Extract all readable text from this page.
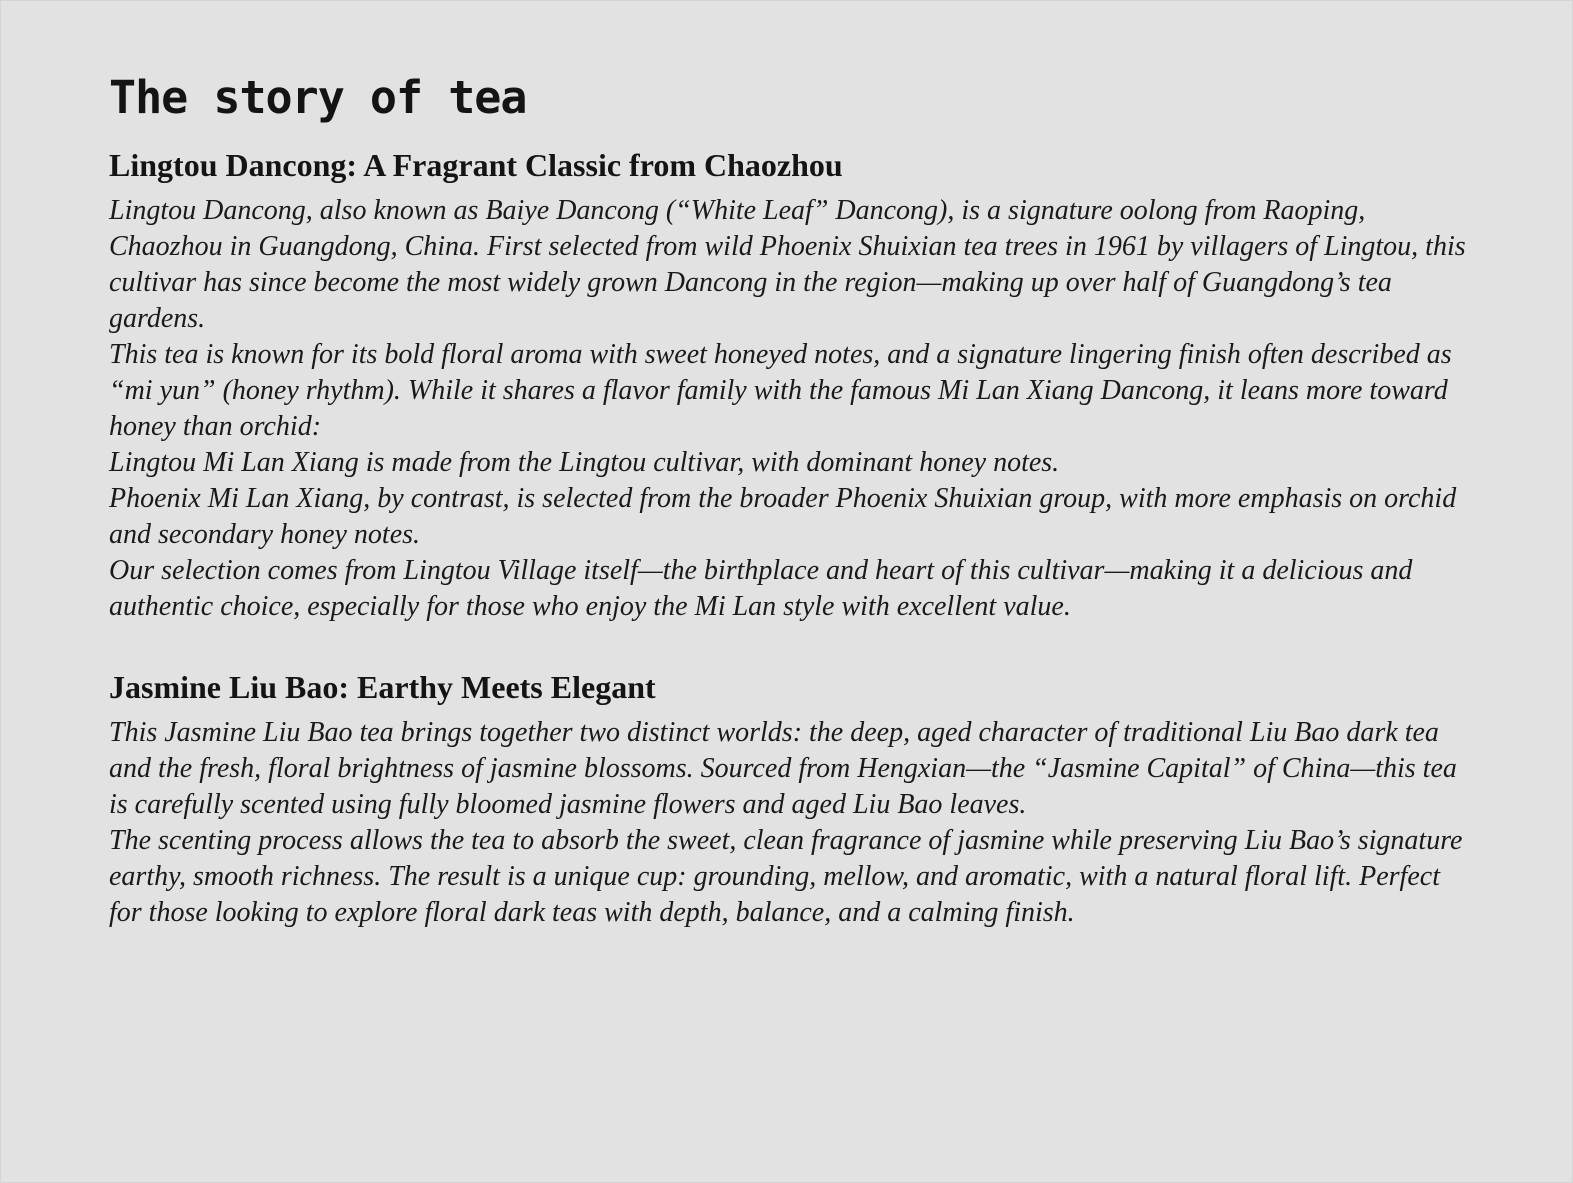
The story of tea
Lingtou Dancong: A Fragrant Classic from Chaozhou

Lingtou Dancong, also known as Baiye Dancong (“White Leaf” Dancong), is a signature oolong from Raoping, Chaozhou in Guangdong, China. First selected from wild Phoenix Shuixian tea trees in 1961 by villagers of Lingtou, this cultivar has since become the most widely grown Dancong in the region—making up over half of Guangdong’s tea gardens.

This tea is known for its bold floral aroma with sweet honeyed notes, and a signature lingering finish often described as “mi yun” (honey rhythm). While it shares a flavor family with the famous Mi Lan Xiang Dancong, it leans more toward honey than orchid:

Lingtou Mi Lan Xiang is made from the Lingtou cultivar, with dominant honey notes.

Phoenix Mi Lan Xiang, by contrast, is selected from the broader Phoenix Shuixian group, with more emphasis on orchid and secondary honey notes.

Our selection comes from Lingtou Village itself—the birthplace and heart of this cultivar—making it a delicious and authentic choice, especially for those who enjoy the Mi Lan style with excellent value.

Jasmine Liu Bao: Earthy Meets Elegant

This Jasmine Liu Bao tea brings together two distinct worlds: the deep, aged character of traditional Liu Bao dark tea and the fresh, floral brightness of jasmine blossoms. Sourced from Hengxian—the “Jasmine Capital” of China—this tea is carefully scented using fully bloomed jasmine flowers and aged Liu Bao leaves.

The scenting process allows the tea to absorb the sweet, clean fragrance of jasmine while preserving Liu Bao’s signature earthy, smooth richness. The result is a unique cup: grounding, mellow, and aromatic, with a natural floral lift. Perfect for those looking to explore floral dark teas with depth, balance, and a calming finish.
